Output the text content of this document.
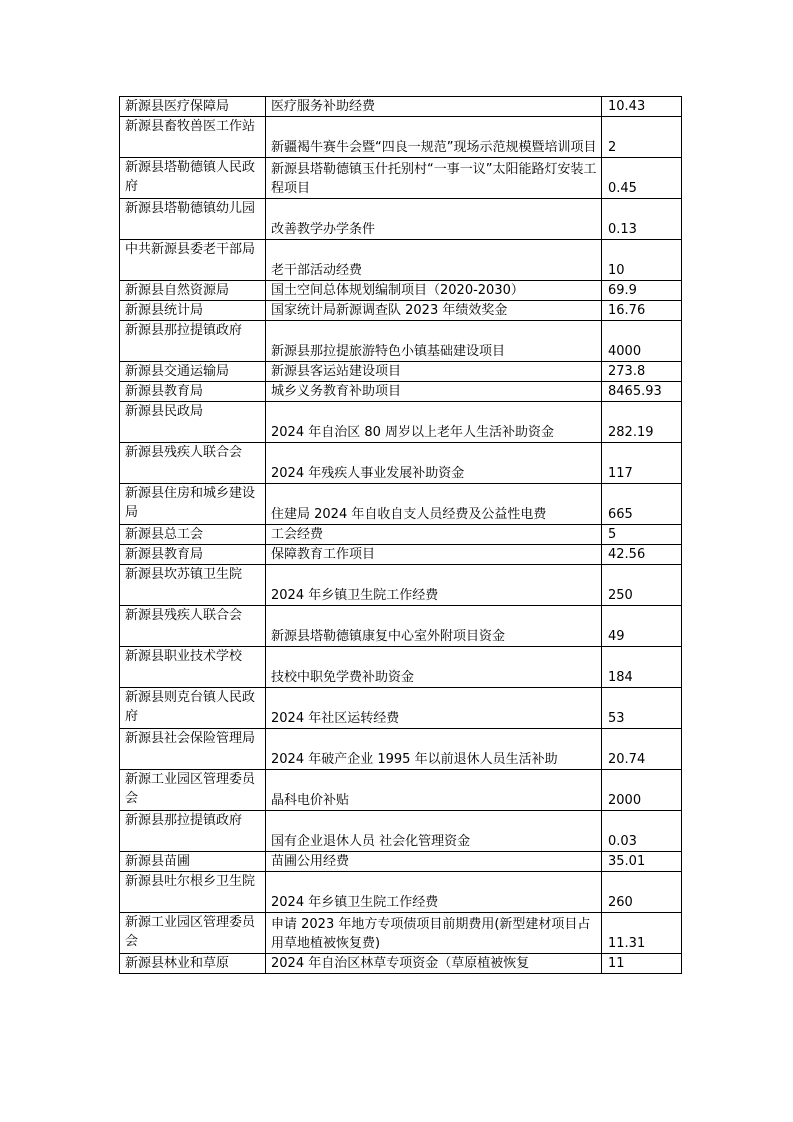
新源县医疗保障局	医疗服务补助经费	10.43
新源县畜牧兽医工作站	新疆褐牛赛牛会暨“四良一规范”现场示范规模暨培训项目	2
新源县塔勒德镇人民政府	新源县塔勒德镇玉什托别村“一事一议”太阳能路灯安装工程项目	0.45
新源县塔勒德镇幼儿园	改善教学办学条件	0.13
中共新源县委老干部局	老干部活动经费	10
新源县自然资源局	国土空间总体规划编制项目（2020-2030）	69.9
新源县统计局	国家统计局新源调查队 2023 年绩效奖金	16.76
新源县那拉提镇政府	新源县那拉提旅游特色小镇基础建设项目	4000
新源县交通运输局	新源县客运站建设项目	273.8
新源县教育局	城乡义务教育补助项目	8465.93
新源县民政局	2024 年自治区 80 周岁以上老年人生活补助资金	282.19
新源县残疾人联合会	2024 年残疾人事业发展补助资金	117
新源县住房和城乡建设局	住建局 2024 年自收自支人员经费及公益性电费	665
新源县总工会	工会经费	5
新源县教育局	保障教育工作项目	42.56
新源县坎苏镇卫生院	2024 年乡镇卫生院工作经费	250
新源县残疾人联合会	新源县塔勒德镇康复中心室外附项目资金	49
新源县职业技术学校	技校中职免学费补助资金	184
新源县则克台镇人民政府	2024 年社区运转经费	53
新源县社会保险管理局	2024 年破产企业 1995 年以前退休人员生活补助	20.74
新源工业园区管理委员会	晶科电价补贴	2000
新源县那拉提镇政府	国有企业退休人员 社会化管理资金	0.03
新源县苗圃	苗圃公用经费	35.01
新源县吐尔根乡卫生院	2024 年乡镇卫生院工作经费	260
新源工业园区管理委员会	申请 2023 年地方专项债项目前期费用(新型建材项目占用草地植被恢复费)	11.31
新源县林业和草原	2024 年自治区林草专项资金（草原植被恢复	11
